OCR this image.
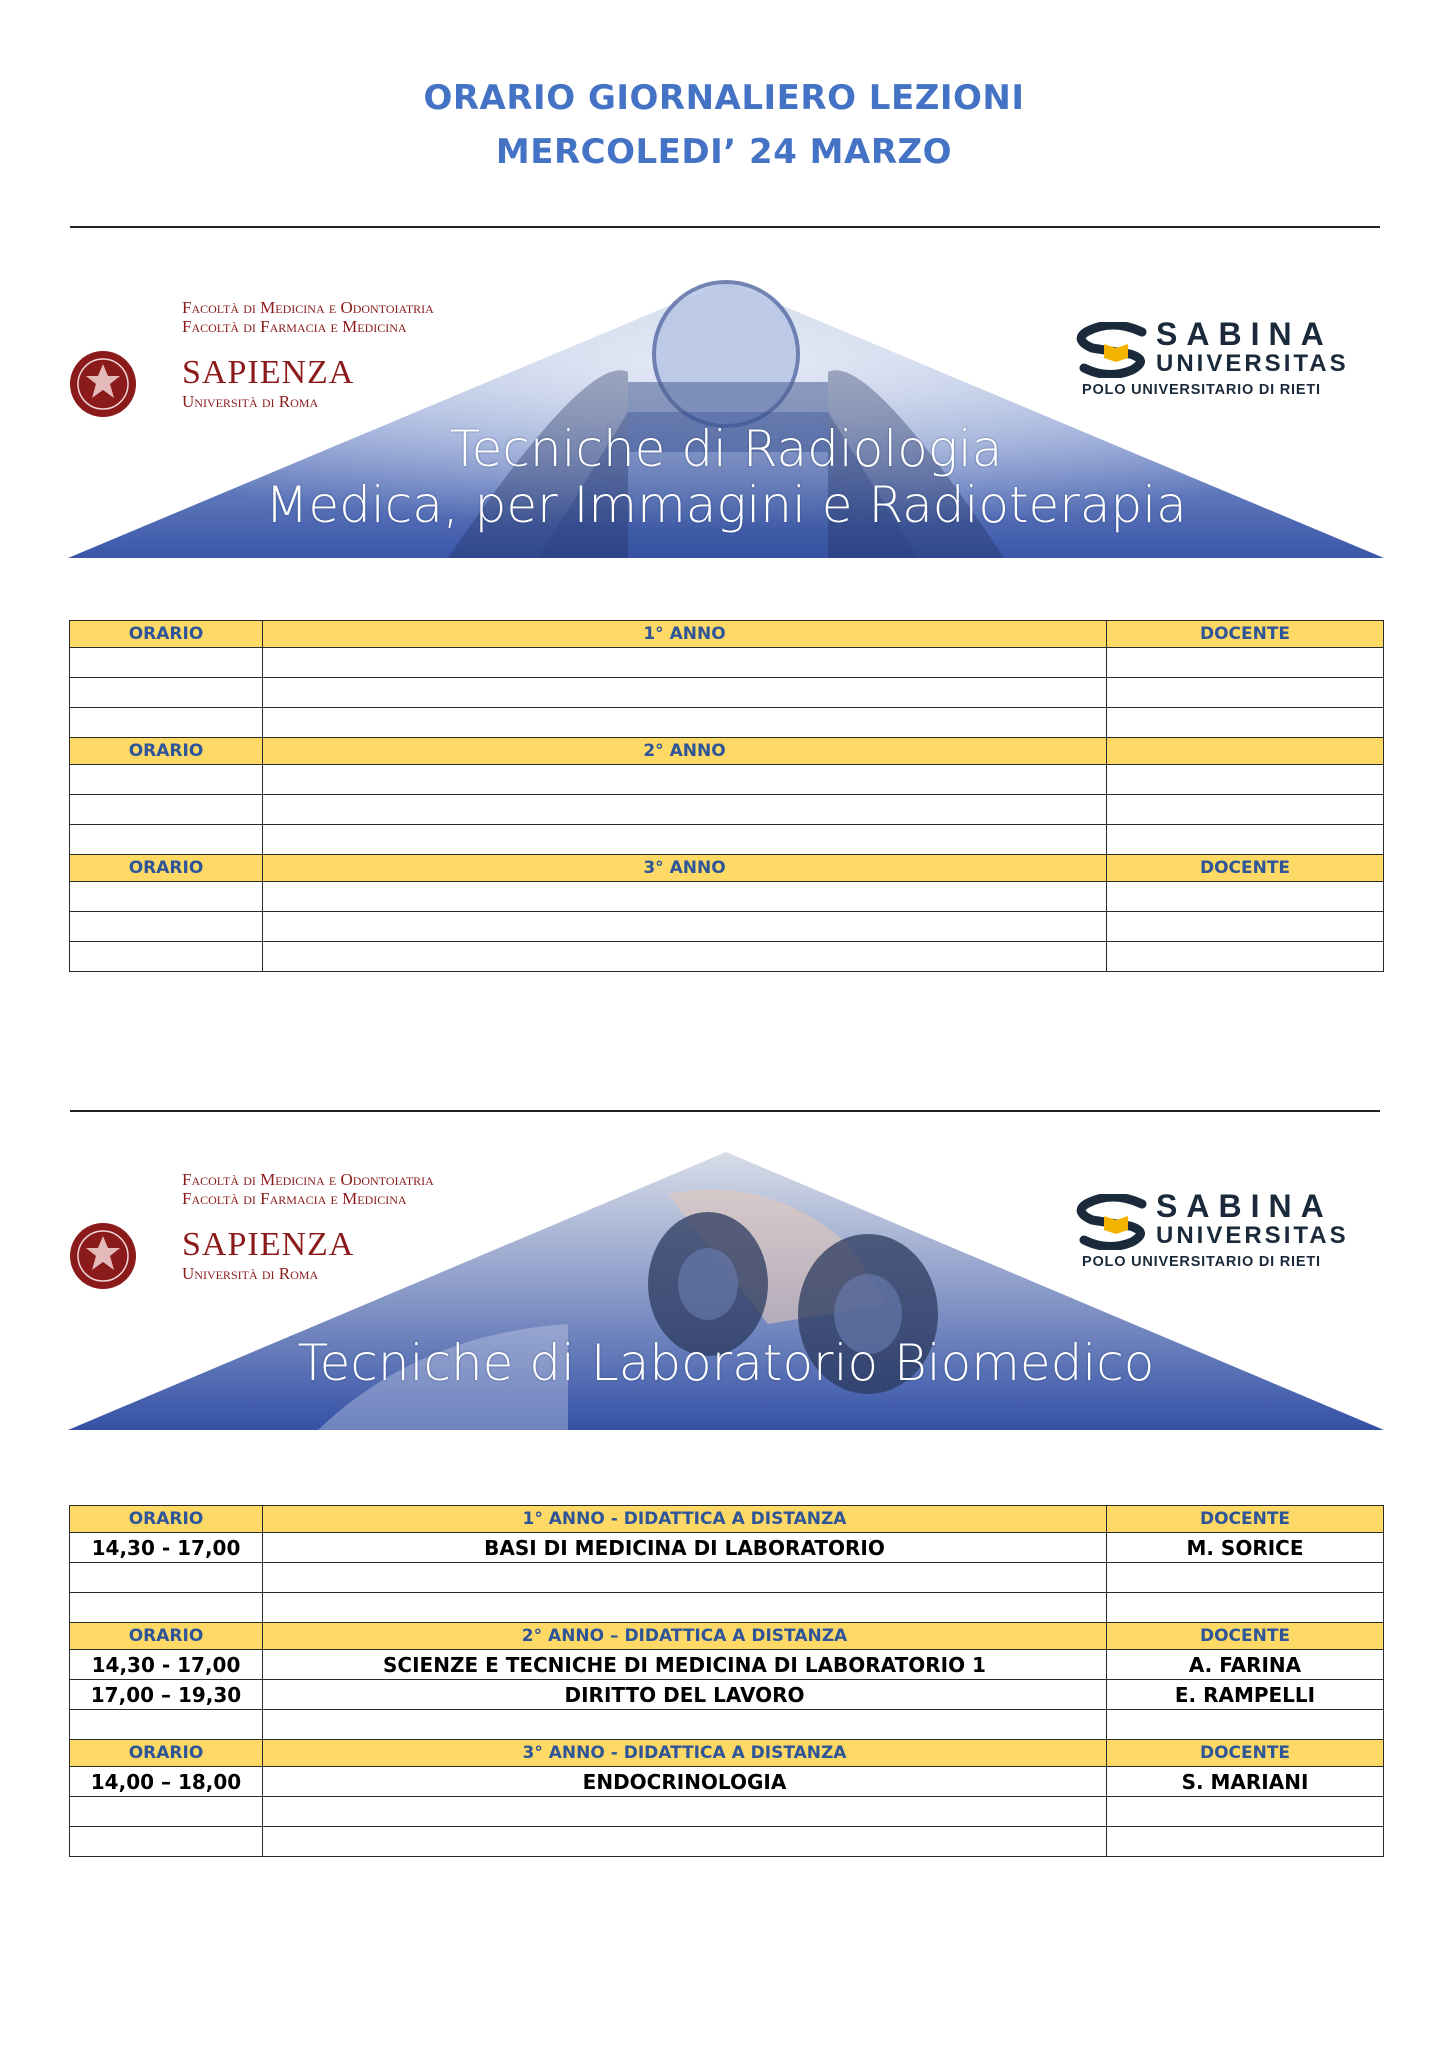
ORARIO GIORNALIERO LEZIONI
MERCOLEDI’ 24 MARZO
Facoltà di Medicina e Odontoiatria
Facoltà di Farmacia e Medicina
SAPIENZA
Università di Roma
SABINA
UNIVERSITAS
POLO UNIVERSITARIO DI RIETI
Tecniche di Radiologia
Medica, per Immagini e Radioterapia
ORARIO	1° ANNO	DOCENTE

ORARIO	2° ANNO	

ORARIO	3° ANNO	DOCENTE

Facoltà di Medicina e Odontoiatria
Facoltà di Farmacia e Medicina
SAPIENZA
Università di Roma
SABINA
UNIVERSITAS
POLO UNIVERSITARIO DI RIETI
Tecniche di Laboratorio Biomedico
ORARIO	1° ANNO - DIDATTICA A DISTANZA	DOCENTE
14,30 - 17,00	BASI DI MEDICINA DI LABORATORIO	M. SORICE

ORARIO	2° ANNO – DIDATTICA A DISTANZA	DOCENTE
14,30 - 17,00	SCIENZE E TECNICHE DI MEDICINA DI LABORATORIO 1	A. FARINA
17,00 – 19,30	DIRITTO DEL LAVORO	E. RAMPELLI

ORARIO	3° ANNO - DIDATTICA A DISTANZA	DOCENTE
14,00 – 18,00	ENDOCRINOLOGIA	S. MARIANI
